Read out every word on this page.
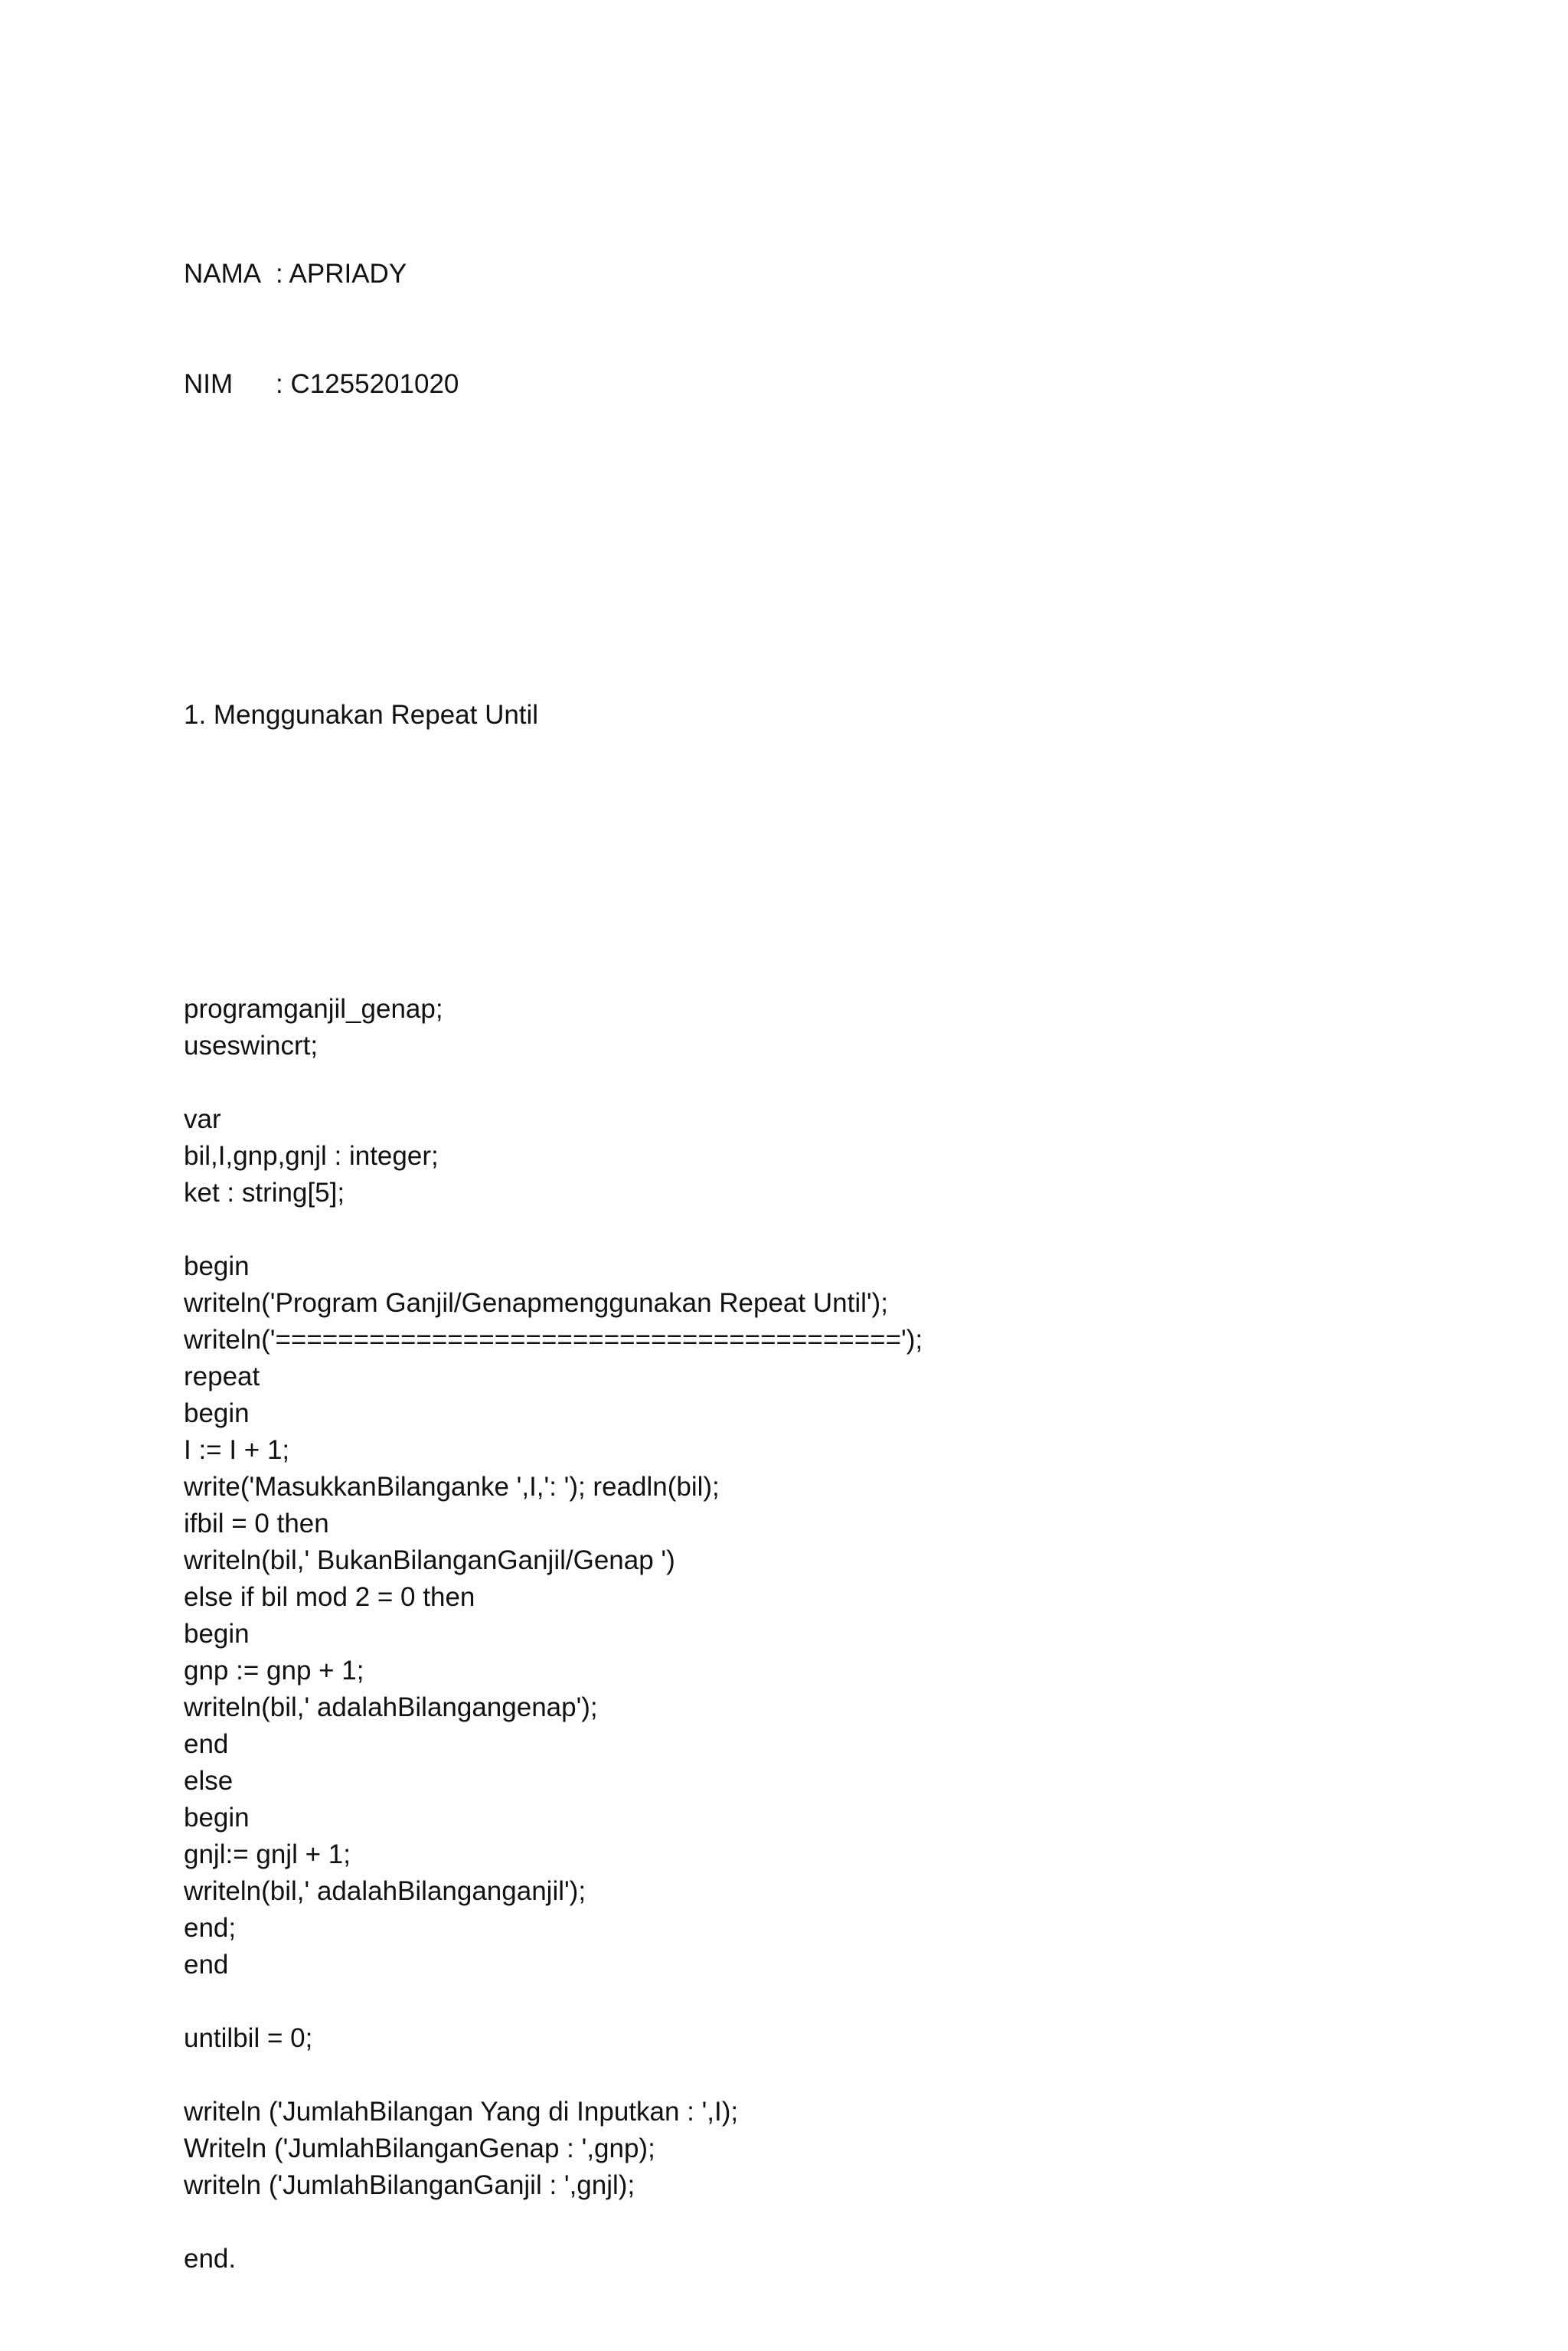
NAMA : APRIADY

NIM	: C1255201020

1. Menggunakan Repeat Until

programganjil_genap;
useswincrt;
var
bil,I,gnp,gnjl : integer;
ket : string[5];
begin
writeln('Program Ganjil/Genapmenggunakan Repeat Until');
writeln('========================================');
repeat
begin
I := I + 1;
write('MasukkanBilanganke ',I,': '); readln(bil);
ifbil = 0 then
writeln(bil,' BukanBilanganGanjil/Genap ')
else if bil mod 2 = 0 then
begin
gnp := gnp + 1;
writeln(bil,' adalahBilangangenap');
end
else
begin
gnjl:= gnjl + 1;
writeln(bil,' adalahBilanganganjil');
end;
end
untilbil = 0;
writeln ('JumlahBilangan Yang di Inputkan : ',I);
Writeln ('JumlahBilanganGenap : ',gnp);
writeln ('JumlahBilanganGanjil : ',gnjl);
end.
